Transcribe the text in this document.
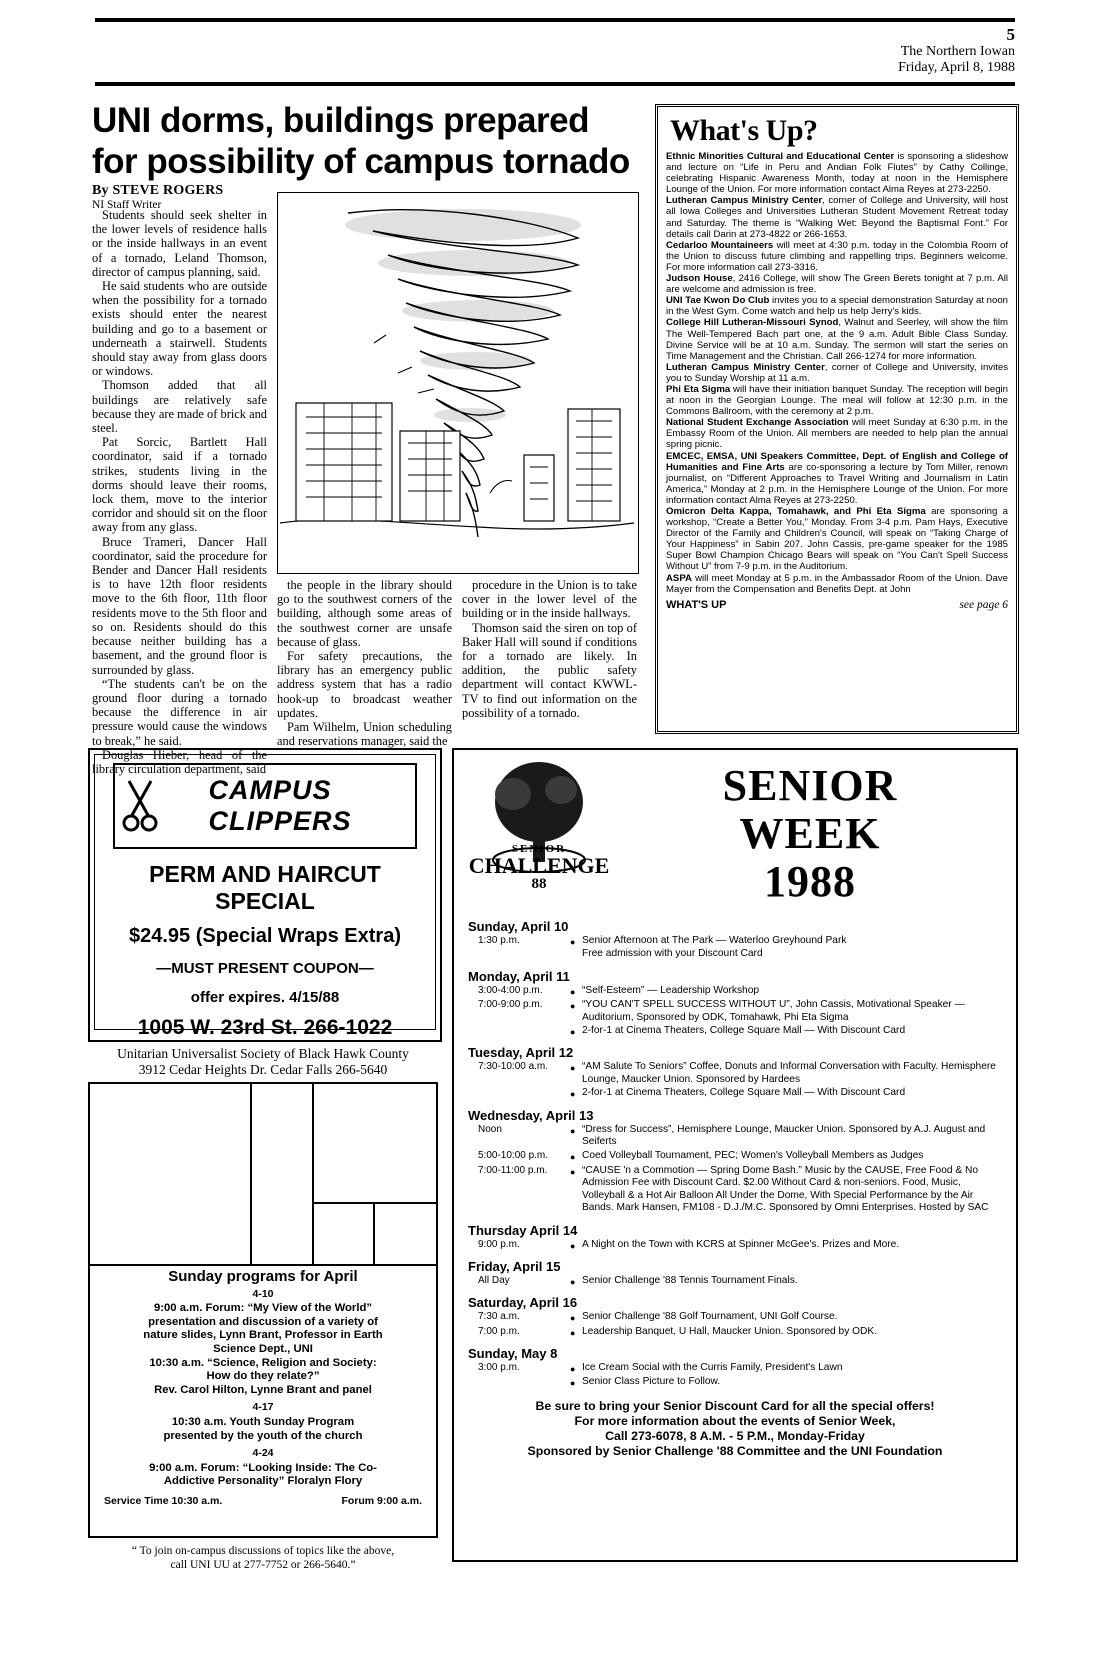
5
The Northern Iowan
Friday, April 8, 1988
UNI dorms, buildings prepared for possibility of campus tornado
By STEVE ROGERS
NI Staff Writer

Students should seek shelter in the lower levels of residence halls or the inside hallways in an event of a tornado, Leland Thomson, director of campus planning, said.

He said students who are outside when the possibility for a tornado exists should enter the nearest building and go to a basement or underneath a stairwell. Students should stay away from glass doors or windows.

Thomson added that all buildings are relatively safe because they are made of brick and steel.

Pat Sorcic, Bartlett Hall coordinator, said if a tornado strikes, students living in the dorms should leave their rooms, lock them, move to the interior corridor and should sit on the floor away from any glass.

Bruce Trameri, Dancer Hall coordinator, said the procedure for Bender and Dancer Hall residents is to have 12th floor residents move to the 6th floor, 11th floor residents move to the 5th floor and so on. Residents should do this because neither building has a basement, and the ground floor is surrounded by glass.

“The students can't be on the ground floor during a tornado because the difference in air pressure would cause the windows to break,” he said.

Douglas Hieber, head of the library circulation department, said

the people in the library should go to the southwest corners of the building, although some areas of the southwest corner are unsafe because of glass.

For safety precautions, the library has an emergency public address system that has a radio hook-up to broadcast weather updates.

Pam Wilhelm, Union scheduling and reservations manager, said the

procedure in the Union is to take cover in the lower level of the building or in the inside hallways.

Thomson said the siren on top of Baker Hall will sound if conditions for a tornado are likely. In addition, the public safety department will contact KWWL-TV to find out information on the possibility of a tornado.

What's Up?

Ethnic Minorities Cultural and Educational Center is sponsoring a slideshow and lecture on “Life in Peru and Andian Folk Flutes” by Cathy Collinge, celebrating Hispanic Awareness Month, today at noon in the Hemisphere Lounge of the Union. For more information contact Alma Reyes at 273-2250.

Lutheran Campus Ministry Center, corner of College and University, will host all Iowa Colleges and Universities Lutheran Student Movement Retreat today and Saturday. The theme is “Walking Wet: Beyond the Baptismal Font.” For details call Darin at 273-4822 or 266-1653.

Cedarloo Mountaineers will meet at 4:30 p.m. today in the Colombia Room of the Union to discuss future climbing and rappelling trips. Beginners welcome. For more information call 273-3316.

Judson House, 2416 College, will show The Green Berets tonight at 7 p.m. All are welcome and admission is free.

UNI Tae Kwon Do Club invites you to a special demonstration Saturday at noon in the West Gym. Come watch and help us help Jerry's kids.

College Hill Lutheran-Missouri Synod, Walnut and Seerley, will show the film The Well-Tempered Bach part one, at the 9 a.m. Adult Bible Class Sunday. Divine Service will be at 10 a.m. Sunday. The sermon will start the series on Time Management and the Christian. Call 266-1274 for more information.

Lutheran Campus Ministry Center, corner of College and University, invites you to Sunday Worship at 11 a.m.

Phi Eta Sigma will have their initiation banquet Sunday. The reception will begin at noon in the Georgian Lounge. The meal will follow at 12:30 p.m. in the Commons Ballroom, with the ceremony at 2 p.m.

National Student Exchange Association will meet Sunday at 6:30 p.m. in the Embassy Room of the Union. All members are needed to help plan the annual spring picnic.

EMCEC, EMSA, UNI Speakers Committee, Dept. of English and College of Humanities and Fine Arts are co-sponsoring a lecture by Tom Miller, renown journalist, on “Different Approaches to Travel Writing and Journalism in Latin America,” Monday at 2 p.m. in the Hemisphere Lounge of the Union. For more information contact Alma Reyes at 273-2250.

Omicron Delta Kappa, Tomahawk, and Phi Eta Sigma are sponsoring a workshop, “Create a Better You,” Monday. From 3-4 p.m. Pam Hays, Executive Director of the Family and Children's Council, will speak on “Taking Charge of Your Happiness” in Sabin 207. John Cassis, pre-game speaker for the 1985 Super Bowl Champion Chicago Bears will speak on “You Can't Spell Success Without U” from 7-9 p.m. in the Auditorium.

ASPA will meet Monday at 5 p.m. in the Ambassador Room of the Union. Dave Mayer from the Compensation and Benefits Dept. at John

WHAT'S UP	see page 6
CAMPUS
CLIPPERS
PERM AND HAIRCUT
SPECIAL
$24.95 (Special Wraps Extra)
—MUST PRESENT COUPON—
offer expires. 4/15/88
1005 W. 23rd St. 266-1022
Unitarian Universalist Society of Black Hawk County
3912 Cedar Heights Dr. Cedar Falls 266-5640
Sunday programs for April
4-10
9:00 a.m. Forum: “My View of the World”
presentation and discussion of a variety of
nature slides, Lynn Brant, Professor in Earth
Science Dept., UNI
10:30 a.m. “Science, Religion and Society:
How do they relate?”
Rev. Carol Hilton, Lynne Brant and panel
4-17
10:30 a.m. Youth Sunday Program
presented by the youth of the church
4-24
9:00 a.m. Forum: “Looking Inside: The Co-
Addictive Personality” Floralyn Flory
Service Time 10:30 a.m.	Forum 9:00 a.m.
“ To join on-campus discussions of topics like the above,
call UNI UU at 277-7752 or 266-5640.”
SENIOR
CHALLENGE
88
SENIOR
WEEK
1988
Sunday, April 10
1:30 p.m.	● Senior Afternoon at The Park — Waterloo Greyhound Park
Free admission with your Discount Card
Monday, April 11
3:00-4:00 p.m.	● “Self-Esteem” — Leadership Workshop
7:00-9:00 p.m.	● “YOU CAN'T SPELL SUCCESS WITHOUT U”, John Cassis, Motivational Speaker — Auditorium, Sponsored by ODK, Tomahawk, Phi Eta Sigma
● 2-for-1 at Cinema Theaters, College Square Mall — With Discount Card
Tuesday, April 12
7:30-10:00 a.m.	● “AM Salute To Seniors” Coffee, Donuts and Informal Conversation with Faculty. Hemisphere Lounge, Maucker Union. Sponsored by Hardees
● 2-for-1 at Cinema Theaters, College Square Mall — With Discount Card
Wednesday, April 13
Noon	● “Dress for Success”, Hemisphere Lounge, Maucker Union. Sponsored by A.J. August and Seiferts
5:00-10:00 p.m.	● Coed Volleyball Tournament, PEC; Women's Volleyball Members as Judges
7:00-11:00 p.m.	● “CAUSE 'n a Commotion — Spring Dome Bash.” Music by the CAUSE, Free Food & No Admission Fee with Discount Card. $2.00 Without Card & non-seniors. Food, Music, Volleyball & a Hot Air Balloon All Under the Dome, With Special Performance by the Air Bands. Mark Hansen, FM108 - D.J./M.C. Sponsored by Omni Enterprises. Hosted by SAC
Thursday April 14
9:00 p.m.	● A Night on the Town with KCRS at Spinner McGee's. Prizes and More.
Friday, April 15
All Day	● Senior Challenge '88 Tennis Tournament Finals.
Saturday, April 16
7:30 a.m.	● Senior Challenge '88 Golf Tournament, UNI Golf Course.
7:00 p.m.	● Leadership Banquet, U Hall, Maucker Union. Sponsored by ODK.
Sunday, May 8
3:00 p.m.	● Ice Cream Social with the Curris Family, President's Lawn
● Senior Class Picture to Follow.
Be sure to bring your Senior Discount Card for all the special offers!
For more information about the events of Senior Week,
Call 273-6078, 8 A.M. - 5 P.M., Monday-Friday
Sponsored by Senior Challenge '88 Committee and the UNI Foundation
